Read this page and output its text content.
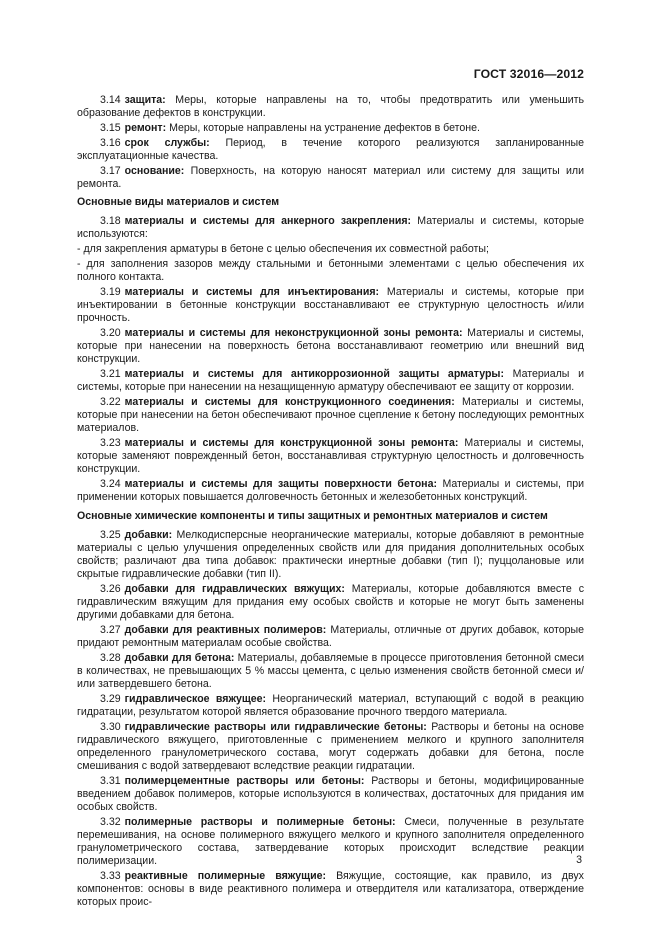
ГОСТ 32016—2012

3.14 защита: Меры, которые направлены на то, чтобы предотвратить или уменьшить образование дефектов в конструкции.

3.15 ремонт: Меры, которые направлены на устранение дефектов в бетоне.

3.16 срок службы: Период, в течение которого реализуются запланированные эксплуатационные качества.

3.17 основание: Поверхность, на которую наносят материал или систему для защиты или ремонта.

Основные виды материалов и систем

3.18 материалы и системы для анкерного закрепления: Материалы и системы, которые используются:

- для закрепления арматуры в бетоне с целью обеспечения их совместной работы;

- для заполнения зазоров между стальными и бетонными элементами с целью обеспечения их полного контакта.

3.19 материалы и системы для инъектирования: Материалы и системы, которые при инъектировании в бетонные конструкции восстанавливают ее структурную целостность и/или прочность.

3.20 материалы и системы для неконструкционной зоны ремонта: Материалы и системы, которые при нанесении на поверхность бетона восстанавливают геометрию или внешний вид конструкции.

3.21 материалы и системы для антикоррозионной защиты арматуры: Материалы и системы, которые при нанесении на незащищенную арматуру обеспечивают ее защиту от коррозии.

3.22 материалы и системы для конструкционного соединения: Материалы и системы, которые при нанесении на бетон обеспечивают прочное сцепление к бетону последующих ремонтных материалов.

3.23 материалы и системы для конструкционной зоны ремонта: Материалы и системы, которые заменяют поврежденный бетон, восстанавливая структурную целостность и долговечность конструкции.

3.24 материалы и системы для защиты поверхности бетона: Материалы и системы, при применении которых повышается долговечность бетонных и железобетонных конструкций.

Основные химические компоненты и типы защитных и ремонтных материалов и систем

3.25 добавки: Мелкодисперсные неорганические материалы, которые добавляют в ремонтные материалы с целью улучшения определенных свойств или для придания дополнительных особых свойств; различают два типа добавок: практически инертные добавки (тип I); пуццолановые или скрытые гидравлические добавки (тип II).

3.26 добавки для гидравлических вяжущих: Материалы, которые добавляются вместе с гидравлическим вяжущим для придания ему особых свойств и которые не могут быть заменены другими добавками для бетона.

3.27 добавки для реактивных полимеров: Материалы, отличные от других добавок, которые придают ремонтным материалам особые свойства.

3.28 добавки для бетона: Материалы, добавляемые в процессе приготовления бетонной смеси в количествах, не превышающих 5 % массы цемента, с целью изменения свойств бетонной смеси и/или затвердевшего бетона.

3.29 гидравлическое вяжущее: Неорганический материал, вступающий с водой в реакцию гидратации, результатом которой является образование прочного твердого материала.

3.30 гидравлические растворы или гидравлические бетоны: Растворы и бетоны на основе гидравлического вяжущего, приготовленные с применением мелкого и крупного заполнителя определенного гранулометрического состава, могут содержать добавки для бетона, после смешивания с водой затвердевают вследствие реакции гидратации.

3.31 полимерцементные растворы или бетоны: Растворы и бетоны, модифицированные введением добавок полимеров, которые используются в количествах, достаточных для придания им особых свойств.

3.32 полимерные растворы и полимерные бетоны: Смеси, полученные в результате перемешивания, на основе полимерного вяжущего мелкого и крупного заполнителя определенного гранулометрического состава, затвердевание которых происходит вследствие реакции полимеризации.

3.33 реактивные полимерные вяжущие: Вяжущие, состоящие, как правило, из двух компонентов: основы в виде реактивного полимера и отвердителя или катализатора, отверждение которых проис-

3
